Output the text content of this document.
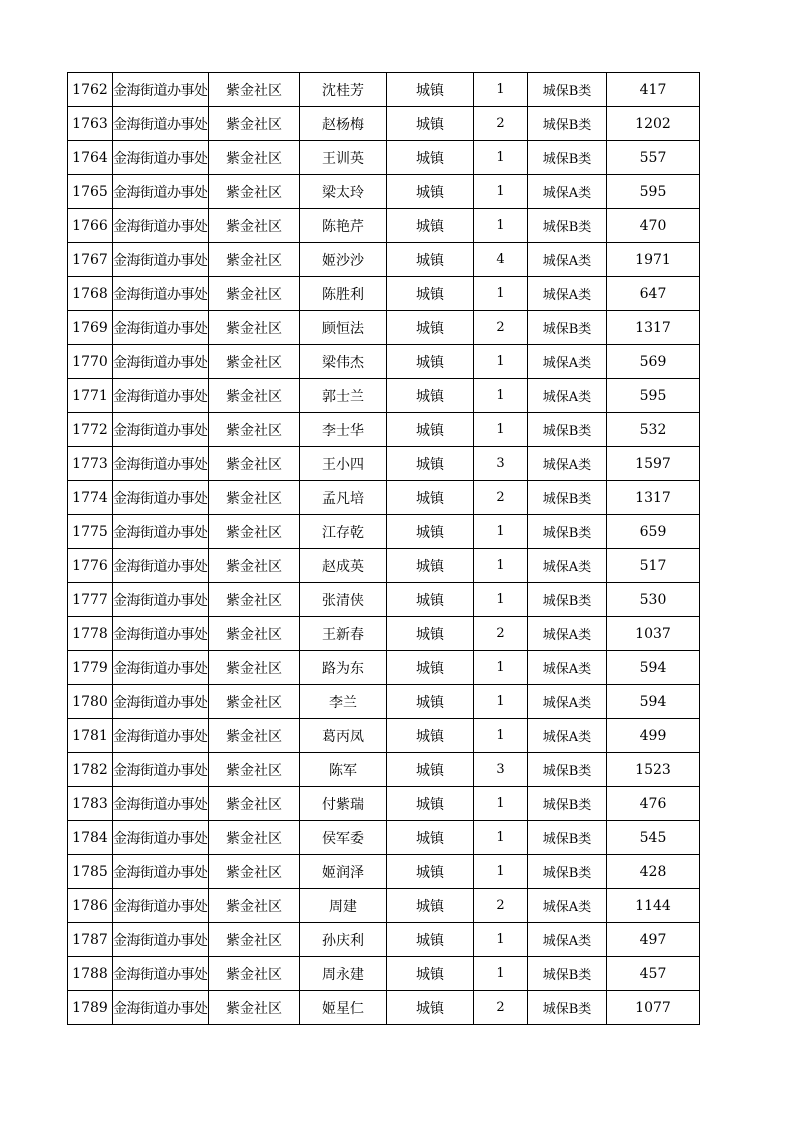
1762	金海街道办事处	紫金社区	沈桂芳	城镇	1	城保B类	417
1763	金海街道办事处	紫金社区	赵杨梅	城镇	2	城保B类	1202
1764	金海街道办事处	紫金社区	王训英	城镇	1	城保B类	557
1765	金海街道办事处	紫金社区	梁太玲	城镇	1	城保A类	595
1766	金海街道办事处	紫金社区	陈艳芹	城镇	1	城保B类	470
1767	金海街道办事处	紫金社区	姬沙沙	城镇	4	城保A类	1971
1768	金海街道办事处	紫金社区	陈胜利	城镇	1	城保A类	647
1769	金海街道办事处	紫金社区	顾恒法	城镇	2	城保B类	1317
1770	金海街道办事处	紫金社区	梁伟杰	城镇	1	城保A类	569
1771	金海街道办事处	紫金社区	郭士兰	城镇	1	城保A类	595
1772	金海街道办事处	紫金社区	李士华	城镇	1	城保B类	532
1773	金海街道办事处	紫金社区	王小四	城镇	3	城保A类	1597
1774	金海街道办事处	紫金社区	孟凡培	城镇	2	城保B类	1317
1775	金海街道办事处	紫金社区	江存乾	城镇	1	城保B类	659
1776	金海街道办事处	紫金社区	赵成英	城镇	1	城保A类	517
1777	金海街道办事处	紫金社区	张清侠	城镇	1	城保B类	530
1778	金海街道办事处	紫金社区	王新春	城镇	2	城保A类	1037
1779	金海街道办事处	紫金社区	路为东	城镇	1	城保A类	594
1780	金海街道办事处	紫金社区	李兰	城镇	1	城保A类	594
1781	金海街道办事处	紫金社区	葛丙凤	城镇	1	城保A类	499
1782	金海街道办事处	紫金社区	陈军	城镇	3	城保B类	1523
1783	金海街道办事处	紫金社区	付紫瑞	城镇	1	城保B类	476
1784	金海街道办事处	紫金社区	侯军委	城镇	1	城保B类	545
1785	金海街道办事处	紫金社区	姬润泽	城镇	1	城保B类	428
1786	金海街道办事处	紫金社区	周建	城镇	2	城保A类	1144
1787	金海街道办事处	紫金社区	孙庆利	城镇	1	城保A类	497
1788	金海街道办事处	紫金社区	周永建	城镇	1	城保B类	457
1789	金海街道办事处	紫金社区	姬星仁	城镇	2	城保B类	1077
